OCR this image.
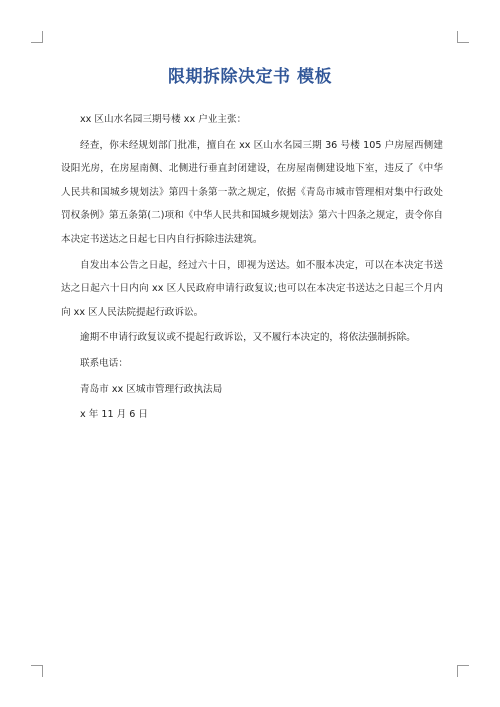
限期拆除决定书 模板

xx 区山水名园三期号楼 xx 户业主张：

经查，你未经规划部门批准，擅自在 xx 区山水名园三期 36 号楼 105 户房屋西侧建设阳光房，在房屋南侧、北侧进行垂直封闭建设，在房屋南侧建设地下室，违反了《中华人民共和国城乡规划法》第四十条第一款之规定，依据《青岛市城市管理相对集中行政处罚权条例》第五条第(二)项和《中华人民共和国城乡规划法》第六十四条之规定，责令你自本决定书送达之日起七日内自行拆除违法建筑。

自发出本公告之日起，经过六十日，即视为送达。如不服本决定，可以在本决定书送达之日起六十日内向 xx 区人民政府申请行政复议;也可以在本决定书送达之日起三个月内向 xx 区人民法院提起行政诉讼。

逾期不申请行政复议或不提起行政诉讼，又不履行本决定的，将依法强制拆除。

联系电话：

青岛市 xx 区城市管理行政执法局

x 年 11 月 6 日
